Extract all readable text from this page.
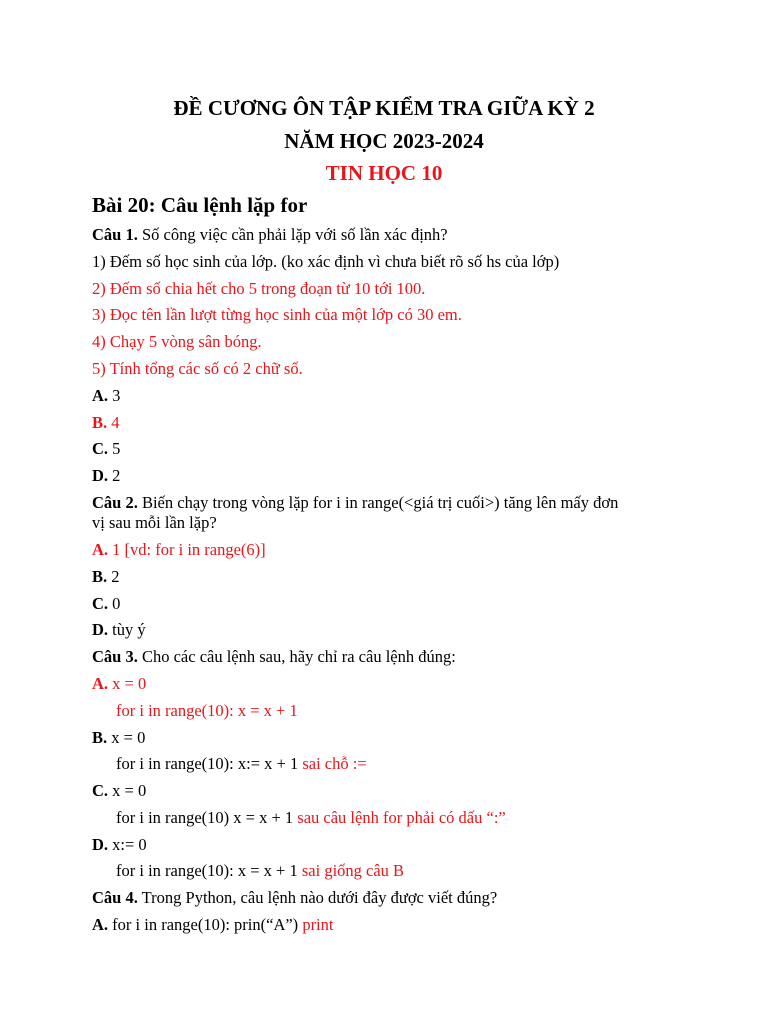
ĐỀ CƯƠNG ÔN TẬP KIỂM TRA GIỮA KỲ 2
NĂM HỌC 2023-2024
TIN HỌC 10
Bài 20: Câu lệnh lặp for
Câu 1. Số công việc cần phải lặp với số lần xác định?
1) Đếm số học sinh của lớp. (ko xác định vì chưa biết rõ số hs của lớp)
2) Đếm số chia hết cho 5 trong đoạn từ 10 tới 100.
3) Đọc tên lần lượt từng học sinh của một lớp có 30 em.
4) Chạy 5 vòng sân bóng.
5) Tính tổng các số có 2 chữ số.
A. 3
B. 4
C. 5
D. 2
Câu 2. Biến chạy trong vòng lặp for i in range(<giá trị cuối>) tăng lên mấy đơn
vị sau mỗi lần lặp?
A. 1 [vd: for i in range(6)]
B. 2
C. 0
D. tùy ý
Câu 3. Cho các câu lệnh sau, hãy chỉ ra câu lệnh đúng:
A. x = 0
for i in range(10): x = x + 1
B. x = 0
for i in range(10): x:= x + 1 sai chỗ :=
C. x = 0
for i in range(10) x = x + 1 sau câu lệnh for phải có dấu “:”
D. x:= 0
for i in range(10): x = x + 1 sai giống câu B
Câu 4. Trong Python, câu lệnh nào dưới đây được viết đúng?
A. for i in range(10): prin(“A”) print
